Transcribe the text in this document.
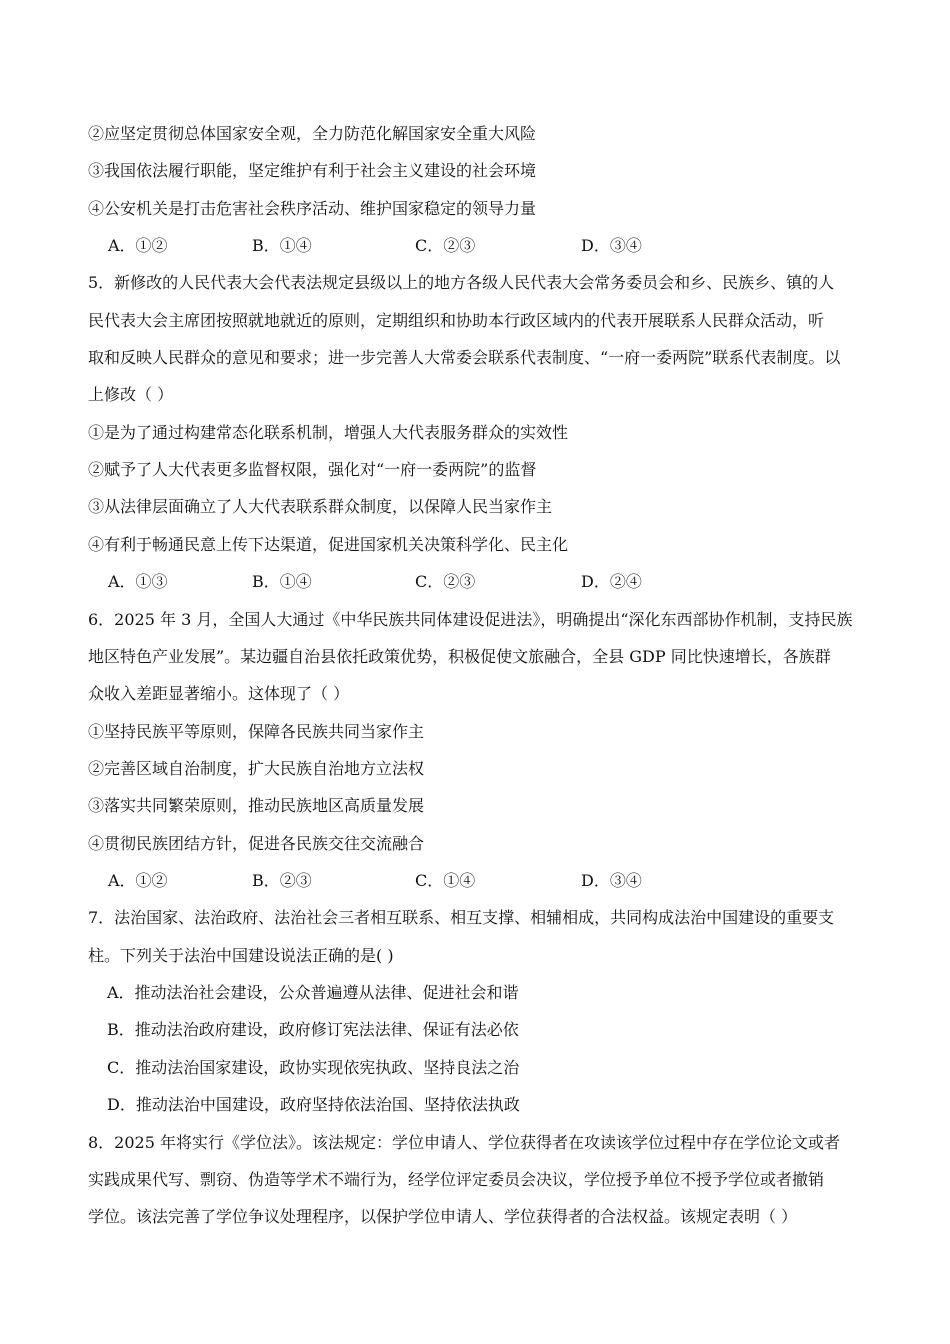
②应坚定贯彻总体国家安全观，全力防范化解国家安全重大风险
③我国依法履行职能，坚定维护有利于社会主义建设的社会环境
④公安机关是打击危害社会秩序活动、维护国家稳定的领导力量
A．①②	B．①④	C．②③	D．③④
5．新修改的人民代表大会代表法规定县级以上的地方各级人民代表大会常务委员会和乡、民族乡、镇的人
民代表大会主席团按照就地就近的原则，定期组织和协助本行政区域内的代表开展联系人民群众活动，听
取和反映人民群众的意见和要求；进一步完善人大常委会联系代表制度、“一府一委两院”联系代表制度。以
上修改（ ）
①是为了通过构建常态化联系机制，增强人大代表服务群众的实效性
②赋予了人大代表更多监督权限，强化对“一府一委两院”的监督
③从法律层面确立了人大代表联系群众制度，以保障人民当家作主
④有利于畅通民意上传下达渠道，促进国家机关决策科学化、民主化
A．①③	B．①④	C．②③	D．②④
6．2025 年 3 月，全国人大通过《中华民族共同体建设促进法》，明确提出“深化东西部协作机制，支持民族
地区特色产业发展”。某边疆自治县依托政策优势，积极促使文旅融合，全县 GDP 同比快速增长，各族群
众收入差距显著缩小。这体现了（ ）
①坚持民族平等原则，保障各民族共同当家作主
②完善区域自治制度，扩大民族自治地方立法权
③落实共同繁荣原则，推动民族地区高质量发展
④贯彻民族团结方针，促进各民族交往交流融合
A．①②	B．②③	C．①④	D．③④
7．法治国家、法治政府、法治社会三者相互联系、相互支撑、相辅相成，共同构成法治中国建设的重要支
柱。下列关于法治中国建设说法正确的是( )
A．推动法治社会建设，公众普遍遵从法律、促进社会和谐
B．推动法治政府建设，政府修订宪法法律、保证有法必依
C．推动法治国家建设，政协实现依宪执政、坚持良法之治
D．推动法治中国建设，政府坚持依法治国、坚持依法执政
8．2025 年将实行《学位法》。该法规定：学位申请人、学位获得者在攻读该学位过程中存在学位论文或者
实践成果代写、剽窃、伪造等学术不端行为，经学位评定委员会决议，学位授予单位不授予学位或者撤销
学位。该法完善了学位争议处理程序，以保护学位申请人、学位获得者的合法权益。该规定表明（ ）
